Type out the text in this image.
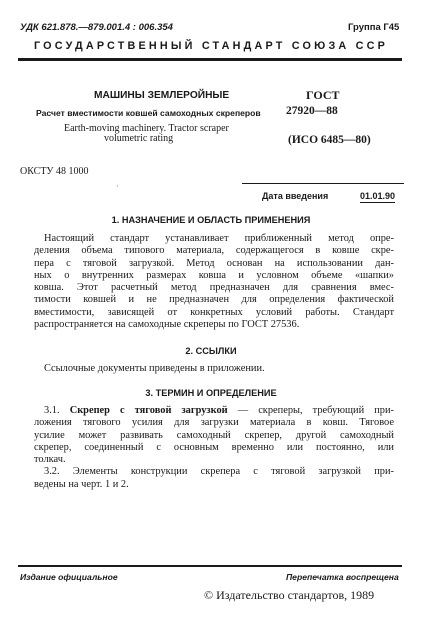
УДК 621.878.—879.001.4 : 006.354	Группа Г45
ГОСУДАРСТВЕННЫЙ СТАНДАРТ СОЮЗА ССР
МАШИНЫ ЗЕМЛЕРОЙНЫЕ
Расчет вместимости ковшей самоходных скреперов
Earth-moving machinery. Tractor scraper
volumetric rating
ГОСТ
27920—88
(ИСО 6485—80)
ОКСТУ 48 1000
·
Дата введения	01.01.90
1. НАЗНАЧЕНИЕ И ОБЛАСТЬ ПРИМЕНЕНИЯ
Настоящий стандарт устанавливает приближенный метод опре-
деления объема типового материала, содержащегося в ковше скре-
пера с тяговой загрузкой. Метод основан на использовании дан-
ных о внутренних размерах ковша и условном объеме «шапки»
ковша. Этот расчетный метод предназначен для сравнения вмес-
тимости ковшей и не предназначен для определения фактической
вместимости, зависящей от конкретных условий работы. Стандарт
распространяется на самоходные скреперы по ГОСТ 27536.
2. ССЫЛКИ
Ссылочные документы приведены в приложении.
3. ТЕРМИН И ОПРЕДЕЛЕНИЕ
3.1. Скрепер с тяговой загрузкой — скреперы, требующий при-
ложения тягового усилия для загрузки материала в ковш. Тяговое
усилие может развивать самоходный скрепер, другой самоходный
скрепер, соединенный с основным временно или постоянно, или
толкач.
3.2. Элементы конструкции скрепера с тяговой загрузкой при-
ведены на черт. 1 и 2.
Издание официальное	Перепечатка воспрещена
© Издательство стандартов, 1989
